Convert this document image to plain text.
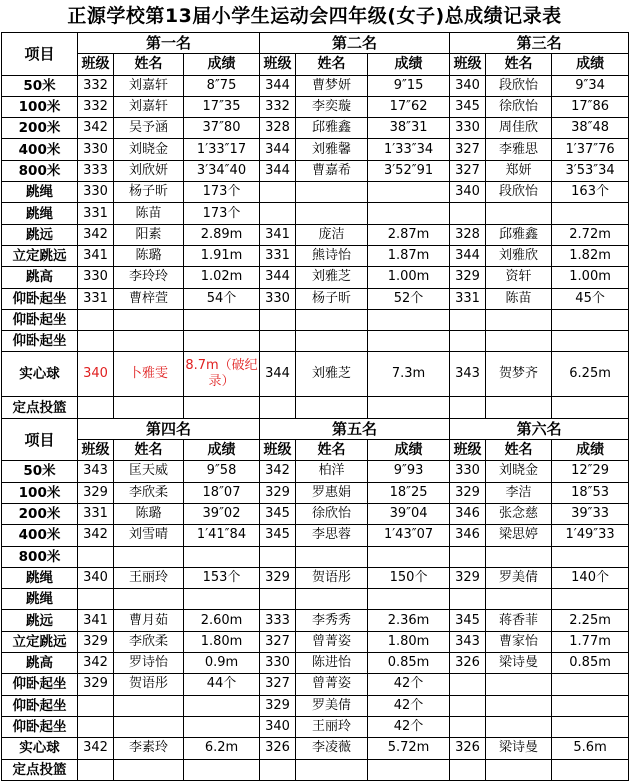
正源学校第13届小学生运动会四年级(女子)总成绩记录表
项目	第一名			第二名			第三名		
	班级	姓名	成绩	班级	姓名	成绩	班级	姓名	成绩
50米	332	刘嘉轩	8″75	344	曹梦妍	9″15	340	段欣怡	9″34
100米	332	刘嘉轩	17″35	332	李奕璇	17″62	345	徐欣怡	17″86
200米	342	吴予涵	37″80	328	邱雅鑫	38″31	330	周佳欣	38″48
400米	330	刘晓金	1′33″17	344	刘雅馨	1′33″34	327	李雅思	1′37″76
800米	333	刘欣妍	3′34″40	344	曹嘉希	3′52″91	327	郑妍	3′53″34
跳绳	330	杨子昕	173个				340	段欣怡	163个
跳绳	331	陈苗	173个						
跳远	342	阳素	2.89m	341	庞洁	2.87m	328	邱雅鑫	2.72m
立定跳远	341	陈璐	1.91m	331	熊诗怡	1.87m	344	刘雅欣	1.82m
跳高	330	李玲玲	1.02m	344	刘雅芝	1.00m	329	资轩	1.00m
仰卧起坐	331	曹梓萱	54个	330	杨子昕	52个	331	陈苗	45个
仰卧起坐									
仰卧起坐									
实心球	340	卜雅雯	8.7m（破纪录）	344	刘雅芝	7.3m	343	贺梦齐	6.25m
定点投篮									
项目	第四名			第五名			第六名		
	班级	姓名	成绩	班级	姓名	成绩	班级	姓名	成绩
50米	343	匡天威	9″58	342	柏洋	9″93	330	刘晓金	12″29
100米	329	李欣柔	18″07	329	罗惠娟	18″25	329	李洁	18″53
200米	331	陈璐	39″02	345	徐欣怡	39″04	346	张念慈	39″33
400米	342	刘雪晴	1′41″84	345	李思蓉	1′43″07	346	梁思婷	1′49″33
800米									
跳绳	340	王丽玲	153个	329	贺语彤	150个	329	罗美倩	140个
跳绳									
跳远	341	曹月茹	2.60m	333	李秀秀	2.36m	345	蒋香菲	2.25m
立定跳远	329	李欣柔	1.80m	327	曾菁姿	1.80m	343	曹家怡	1.77m
跳高	342	罗诗怡	0.9m	330	陈进怡	0.85m	326	梁诗曼	0.85m
仰卧起坐	329	贺语彤	44个	327	曾菁姿	42个			
仰卧起坐				329	罗美倩	42个			
仰卧起坐				340	王丽玲	42个			
实心球	342	李素玲	6.2m	326	李凌薇	5.72m	326	梁诗曼	5.6m
定点投篮									
